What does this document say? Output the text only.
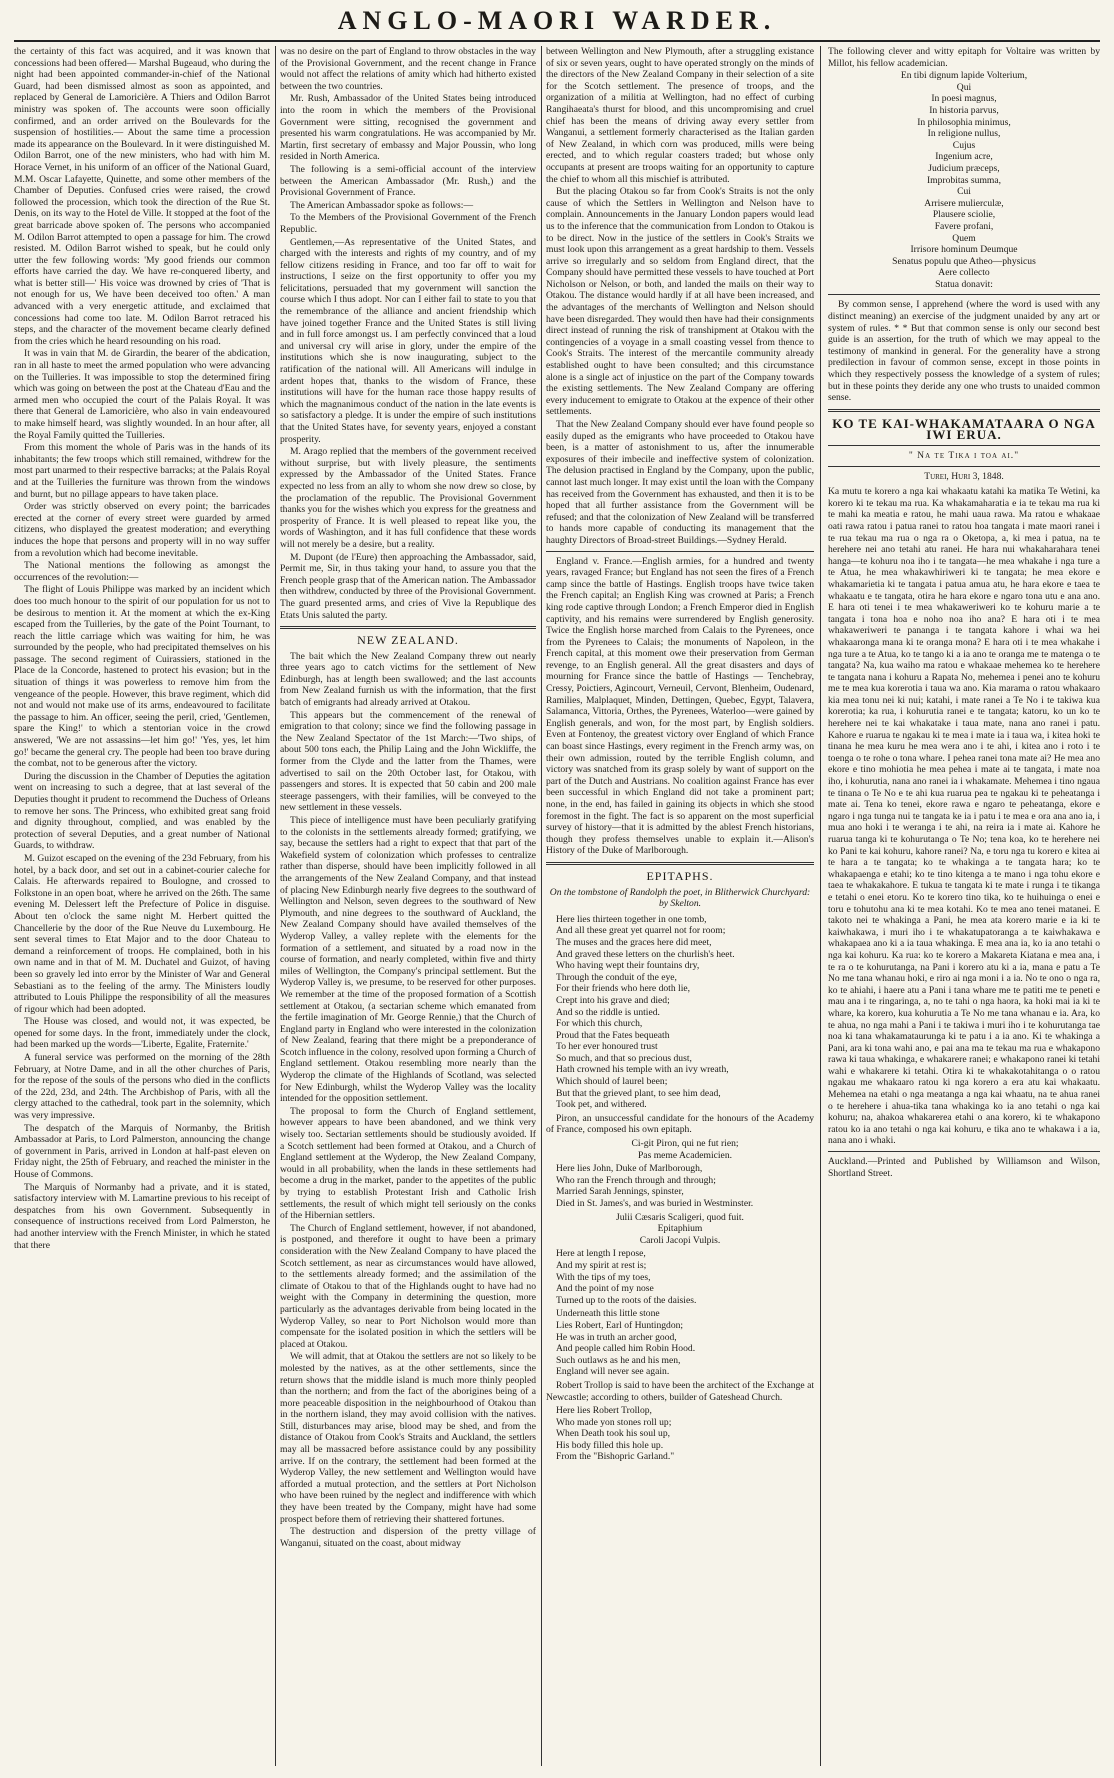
ANGLO-MAORI WARDER.

the certainty of this fact was acquired, and it was known that concessions had been offered— Marshal Bugeaud, who during the night had been appointed commander-in-chief of the National Guard, had been dismissed almost as soon as appointed, and replaced by General de Lamoricière. A Thiers and Odilon Barrot ministry was spoken of. The accounts were soon officially confirmed, and an order arrived on the Boulevards for the suspension of hostilities.— About the same time a procession made its appearance on the Boulevard. In it were distinguished M. Odilon Barrot, one of the new ministers, who had with him M. Horace Vernet, in his uniform of an officer of the National Guard, M.M. Oscar Lafayette, Quinette, and some other members of the Chamber of Deputies. Confused cries were raised, the crowd followed the procession, which took the direction of the Rue St. Denis, on its way to the Hotel de Ville. It stopped at the foot of the great barricade above spoken of. The persons who accompanied M. Odilon Barrot attempted to open a passage for him. The crowd resisted. M. Odilon Barrot wished to speak, but he could only utter the few following words: 'My good friends our common efforts have carried the day. We have re-conquered liberty, and what is better still—' His voice was drowned by cries of 'That is not enough for us, We have been deceived too often.' A man advanced with a very energetic attitude, and exclaimed that concessions had come too late. M. Odilon Barrot retraced his steps, and the character of the movement became clearly defined from the cries which he heard resounding on his road.

It was in vain that M. de Girardin, the bearer of the abdication, ran in all haste to meet the armed population who were advancing on the Tuilleries. It was impossible to stop the determined firing which was going on between the post at the Chateau d'Eau and the armed men who occupied the court of the Palais Royal. It was there that General de Lamoricière, who also in vain endeavoured to make himself heard, was slightly wounded. In an hour after, all the Royal Family quitted the Tuilleries.

From this moment the whole of Paris was in the hands of its inhabitants; the few troops which still remained, withdrew for the most part unarmed to their respective barracks; at the Palais Royal and at the Tuilleries the furniture was thrown from the windows and burnt, but no pillage appears to have taken place.

Order was strictly observed on every point; the barricades erected at the corner of every street were guarded by armed citizens, who displayed the greatest moderation; and everything induces the hope that persons and property will in no way suffer from a revolution which had become inevitable.

The National mentions the following as amongst the occurrences of the revolution:—

The flight of Louis Philippe was marked by an incident which does too much honour to the spirit of our population for us not to be desirous to mention it. At the moment at which the ex-King escaped from the Tuilleries, by the gate of the Point Tournant, to reach the little carriage which was waiting for him, he was surrounded by the people, who had precipitated themselves on his passage. The second regiment of Cuirassiers, stationed in the Place de la Concorde, hastened to protect his evasion; but in the situation of things it was powerless to remove him from the vengeance of the people. However, this brave regiment, which did not and would not make use of its arms, endeavoured to facilitate the passage to him. An officer, seeing the peril, cried, 'Gentlemen, spare the King!' to which a stentorian voice in the crowd answered, 'We are not assassins—let him go!' 'Yes, yes, let him go!' became the general cry. The people had been too brave during the combat, not to be generous after the victory.

During the discussion in the Chamber of Deputies the agitation went on increasing to such a degree, that at last several of the Deputies thought it prudent to recommend the Duchess of Orleans to remove her sons. The Princess, who exhibited great sang froid and dignity throughout, complied, and was enabled by the protection of several Deputies, and a great number of National Guards, to withdraw.

M. Guizot escaped on the evening of the 23d February, from his hotel, by a back door, and set out in a cabinet-courier caleche for Calais. He afterwards repaired to Boulogne, and crossed to Folkstone in an open boat, where he arrived on the 26th. The same evening M. Delessert left the Prefecture of Police in disguise. About ten o'clock the same night M. Herbert quitted the Chancellerie by the door of the Rue Neuve du Luxembourg. He sent several times to Etat Major and to the door Chateau to demand a reinforcement of troops. He complained, both in his own name and in that of M. M. Duchatel and Guizot, of having been so gravely led into error by the Minister of War and General Sebastiani as to the feeling of the army. The Ministers loudly attributed to Louis Philippe the responsibility of all the measures of rigour which had been adopted.

The House was closed, and would not, it was expected, be opened for some days. In the front, immediately under the clock, had been marked up the words—'Liberte, Egalite, Fraternite.'

A funeral service was performed on the morning of the 28th February, at Notre Dame, and in all the other churches of Paris, for the repose of the souls of the persons who died in the conflicts of the 22d, 23d, and 24th. The Archbishop of Paris, with all the clergy attached to the cathedral, took part in the solemnity, which was very impressive.

The despatch of the Marquis of Normanby, the British Ambassador at Paris, to Lord Palmerston, announcing the change of government in Paris, arrived in London at half-past eleven on Friday night, the 25th of February, and reached the minister in the House of Commons.

The Marquis of Normanby had a private, and it is stated, satisfactory interview with M. Lamartine previous to his receipt of despatches from his own Government. Subsequently in consequence of instructions received from Lord Palmerston, he had another interview with the French Minister, in which he stated that there

was no desire on the part of England to throw obstacles in the way of the Provisional Government, and the recent change in France would not affect the relations of amity which had hitherto existed between the two countries.

Mr. Rush, Ambassador of the United States being introduced into the room in which the members of the Provisional Government were sitting, recognised the government and presented his warm congratulations. He was accompanied by Mr. Martin, first secretary of embassy and Major Poussin, who long resided in North America.

The following is a semi-official account of the interview between the American Ambassador (Mr. Rush,) and the Provisional Government of France.

The American Ambassador spoke as follows:—

To the Members of the Provisional Government of the French Republic.

Gentlemen,—As representative of the United States, and charged with the interests and rights of my country, and of my fellow citizens residing in France, and too far off to wait for instructions, I seize on the first opportunity to offer you my felicitations, persuaded that my government will sanction the course which I thus adopt. Nor can I either fail to state to you that the remembrance of the alliance and ancient friendship which have joined together France and the United States is still living and in full force amongst us. I am perfectly convinced that a loud and universal cry will arise in glory, under the empire of the institutions which she is now inaugurating, subject to the ratification of the national will. All Americans will indulge in ardent hopes that, thanks to the wisdom of France, these institutions will have for the human race those happy results of which the magnanimous conduct of the nation in the late events is so satisfactory a pledge. It is under the empire of such institutions that the United States have, for seventy years, enjoyed a constant prosperity.

M. Arago replied that the members of the government received without surprise, but with lively pleasure, the sentiments expressed by the Ambassador of the United States. France expected no less from an ally to whom she now drew so close, by the proclamation of the republic. The Provisional Government thanks you for the wishes which you express for the greatness and prosperity of France. It is well pleased to repeat like you, the words of Washington, and it has full confidence that these words will not merely be a desire, but a reality.

M. Dupont (de l'Eure) then approaching the Ambassador, said, Permit me, Sir, in thus taking your hand, to assure you that the French people grasp that of the American nation. The Ambassador then withdrew, conducted by three of the Provisional Government. The guard presented arms, and cries of Vive la Republique des Etats Unis saluted the party.

NEW ZEALAND.

The bait which the New Zealand Company threw out nearly three years ago to catch victims for the settlement of New Edinburgh, has at length been swallowed; and the last accounts from New Zealand furnish us with the information, that the first batch of emigrants had already arrived at Otakou.

This appears but the commencement of the renewal of emigration to that colony; since we find the following passage in the New Zealand Spectator of the 1st March:—'Two ships, of about 500 tons each, the Philip Laing and the John Wickliffe, the former from the Clyde and the latter from the Thames, were advertised to sail on the 20th October last, for Otakou, with passengers and stores. It is expected that 50 cabin and 200 male steerage passengers, with their families, will be conveyed to the new settlement in these vessels.

This piece of intelligence must have been peculiarly gratifying to the colonists in the settlements already formed; gratifying, we say, because the settlers had a right to expect that that part of the Wakefield system of colonization which professes to centralize rather than disperse, should have been implicitly followed in all the arrangements of the New Zealand Company, and that instead of placing New Edinburgh nearly five degrees to the southward of Wellington and Nelson, seven degrees to the southward of New Plymouth, and nine degrees to the southward of Auckland, the New Zealand Company should have availed themselves of the Wyderop Valley, a valley replete with the elements for the formation of a settlement, and situated by a road now in the course of formation, and nearly completed, within five and thirty miles of Wellington, the Company's principal settlement. But the Wyderop Valley is, we presume, to be reserved for other purposes. We remember at the time of the proposed formation of a Scottish settlement at Otakou, (a sectarian scheme which emanated from the fertile imagination of Mr. George Rennie,) that the Church of England party in England who were interested in the colonization of New Zealand, fearing that there might be a preponderance of Scotch influence in the colony, resolved upon forming a Church of England settlement. Otakou resembling more nearly than the Wyderop the climate of the Highlands of Scotland, was selected for New Edinburgh, whilst the Wyderop Valley was the locality intended for the opposition settlement.

The proposal to form the Church of England settlement, however appears to have been abandoned, and we think very wisely too. Sectarian settlements should be studiously avoided. If a Scotch settlement had been formed at Otakou, and a Church of England settlement at the Wyderop, the New Zealand Company, would in all probability, when the lands in these settlements had become a drug in the market, pander to the appetites of the public by trying to establish Protestant Irish and Catholic Irish settlements, the result of which might tell seriously on the conks of the Hibernian settlers.

The Church of England settlement, however, if not abandoned, is postponed, and therefore it ought to have been a primary consideration with the New Zealand Company to have placed the Scotch settlement, as near as circumstances would have allowed, to the settlements already formed; and the assimilation of the climate of Otakou to that of the Highlands ought to have had no weight with the Company in determining the question, more particularly as the advantages derivable from being located in the Wyderop Valley, so near to Port Nicholson would more than compensate for the isolated position in which the settlers will be placed at Otakou.

We will admit, that at Otakou the settlers are not so likely to be molested by the natives, as at the other settlements, since the return shows that the middle island is much more thinly peopled than the northern; and from the fact of the aborigines being of a more peaceable disposition in the neighbourhood of Otakou than in the northern island, they may avoid collision with the natives. Still, disturbances may arise, blood may be shed, and from the distance of Otakou from Cook's Straits and Auckland, the settlers may all be massacred before assistance could by any possibility arrive. If on the contrary, the settlement had been formed at the Wyderop Valley, the new settlement and Wellington would have afforded a mutual protection, and the settlers at Port Nicholson who have been ruined by the neglect and indifference with which they have been treated by the Company, might have had some prospect before them of retrieving their shattered fortunes.

The destruction and dispersion of the pretty village of Wanganui, situated on the coast, about midway

between Wellington and New Plymouth, after a struggling existance of six or seven years, ought to have operated strongly on the minds of the directors of the New Zealand Company in their selection of a site for the Scotch settlement. The presence of troops, and the organization of a militia at Wellington, had no effect of curbing Rangihaeata's thurst for blood, and this uncompromising and cruel chief has been the means of driving away every settler from Wanganui, a settlement formerly characterised as the Italian garden of New Zealand, in which corn was produced, mills were being erected, and to which regular coasters traded; but whose only occupants at present are troops waiting for an opportunity to capture the chief to whom all this mischief is attributed.

But the placing Otakou so far from Cook's Straits is not the only cause of which the Settlers in Wellington and Nelson have to complain. Announcements in the January London papers would lead us to the inference that the communication from London to Otakou is to be direct. Now in the justice of the settlers in Cook's Straits we must look upon this arrangement as a great hardship to them. Vessels arrive so irregularly and so seldom from England direct, that the Company should have permitted these vessels to have touched at Port Nicholson or Nelson, or both, and landed the mails on their way to Otakou. The distance would hardly if at all have been increased, and the advantages of the merchants of Wellington and Nelson should have been disregarded. They would then have had their consignments direct instead of running the risk of transhipment at Otakou with the contingencies of a voyage in a small coasting vessel from thence to Cook's Straits. The interest of the mercantile community already established ought to have been consulted; and this circumstance alone is a single act of injustice on the part of the Company towards the existing settlements. The New Zealand Company are offering every inducement to emigrate to Otakou at the expence of their other settlements.

That the New Zealand Company should ever have found people so easily duped as the emigrants who have proceeded to Otakou have been, is a matter of astonishment to us, after the innumerable exposures of their imbecile and ineffective system of colonization. The delusion practised in England by the Company, upon the public, cannot last much longer. It may exist until the loan with the Company has received from the Government has exhausted, and then it is to be hoped that all further assistance from the Government will be refused; and that the colonization of New Zealand will be transferred to hands more capable of conducting its management that the haughty Directors of Broad-street Buildings.—Sydney Herald.

England v. France.—English armies, for a hundred and twenty years, ravaged France; but England has not seen the fires of a French camp since the battle of Hastings. English troops have twice taken the French capital; an English King was crowned at Paris; a French king rode captive through London; a French Emperor died in English captivity, and his remains were surrendered by English generosity. Twice the English horse marched from Calais to the Pyrenees, once from the Pyrenees to Calais; the monuments of Napoleon, in the French capital, at this moment owe their preservation from German revenge, to an English general. All the great disasters and days of mourning for France since the battle of Hastings — Tenchebray, Cressy, Poictiers, Agincourt, Verneuil, Cervont, Blenheim, Oudenard, Ramilies, Malplaquet, Minden, Dettingen, Quebec, Egypt, Talavera, Salamanca, Vittoria, Orthes, the Pyrenees, Waterloo—were gained by English generals, and won, for the most part, by English soldiers. Even at Fontenoy, the greatest victory over England of which France can boast since Hastings, every regiment in the French army was, on their own admission, routed by the terrible English column, and victory was snatched from its grasp solely by want of support on the part of the Dutch and Austrians. No coalition against France has ever been successful in which England did not take a prominent part; none, in the end, has failed in gaining its objects in which she stood foremost in the fight. The fact is so apparent on the most superficial survey of history—that it is admitted by the ablest French historians, though they profess themselves unable to explain it.—Alison's History of the Duke of Marlborough.

EPITAPHS.
On the tombstone of Randolph the poet, in Blitherwick Churchyard: by Skelton.
Here lies thirteen together in one tomb,
And all these great yet quarrel not for room;
The muses and the graces here did meet,
And graved these letters on the churlish's heet.
Who having wept their fountains dry,
Through the conduit of the eye,
For their friends who here doth lie,
Crept into his grave and died;
And so the riddle is untied.
For which this church,
Proud that the Fates bequeath
To her ever honoured trust
So much, and that so precious dust,
Hath crowned his temple with an ivy wreath,
Which should of laurel been;
But that the grieved plant, to see him dead,
Took pet, and withered.

Piron, an unsuccessful candidate for the honours of the Academy of France, composed his own epitaph.

Ci-git Piron, qui ne fut rien;
Pas meme Academicien.
Here lies John, Duke of Marlborough,
Who ran the French through and through;
Married Sarah Jennings, spinster,
Died in St. James's, and was buried in Westminster.
Julii Cæsaris Scaligeri, quod fuit.
Epitaphium
Caroli Jacopi Vulpis.
Here at length I repose,
And my spirit at rest is;
With the tips of my toes,
And the point of my nose
Turned up to the roots of the daisies.
Underneath this little stone
Lies Robert, Earl of Huntingdon;
He was in truth an archer good,
And people called him Robin Hood.
Such outlaws as he and his men,
England will never see again.

Robert Trollop is said to have been the architect of the Exchange at Newcastle; according to others, builder of Gateshead Church.

Here lies Robert Trollop,
Who made yon stones roll up;
When Death took his soul up,
His body filled this hole up.
From the "Bishopric Garland."

The following clever and witty epitaph for Voltaire was written by Millot, his fellow academician.

En tibi dignum lapide Volterium,
Qui
In poesi magnus,
In historia parvus,
In philosophia minimus,
In religione nullus,
Cujus
Ingenium acre,
Judicium præceps,
Improbitas summa,
Cui
Arrisere mulierculæ,
Plausere sciolie,
Favere profani,
Quem
Irrisore hominum Deumque
Senatus populu que Atheo—physicus
Aere collecto
Statua donavit:

By common sense, I apprehend (where the word is used with any distinct meaning) an exercise of the judgment unaided by any art or system of rules. * * But that common sense is only our second best guide is an assertion, for the truth of which we may appeal to the testimony of mankind in general. For the generality have a strong predilection in favour of common sense, except in those points in which they respectively possess the knowledge of a system of rules; but in these points they deride any one who trusts to unaided common sense.

KO TE KAI-WHAKAMATAARA O NGA IWI ERUA.
" Na te Tika i toa ai."
Turei, Huri 3, 1848.

Ka mutu te korero a nga kai whakaatu katahi ka matika Te Wetini, ka korero ki te tekau ma rua. Ka whakamaharatia e ia te tekau ma rua ki te mahi ka meatia e ratou, he mahi uaua rawa. Ma ratou e whakaae oati rawa ratou i patua ranei to ratou hoa tangata i mate maori ranei i te rua tekau ma rua o nga ra o Oketopa, a, ki mea i patua, na te herehere nei ano tetahi atu ranei. He hara nui whakaharahara tenei hanga—te kohuru noa iho i te tangata—he mea whakahe i nga ture a te Atua, he mea whakawhiriweri ki te tangata; he mea ekore e whakamarietia ki te tangata i patua amua atu, he hara ekore e taea te whakaatu e te tangata, otira he hara ekore e ngaro tona utu e ana ano. E hara oti tenei i te mea whakaweriweri ko te kohuru marie a te tangata i tona hoa e noho noa iho ana? E hara oti i te mea whakaweriweri te pananga i te tangata kahore i whai wa hei whakaaronga mana ki te oranga mona? E hara oti i te mea whakahe i nga ture a te Atua, ko te tango ki a ia ano te oranga me te matenga o te tangata? Na, kua waiho ma ratou e whakaae mehemea ko te herehere te tangata nana i kohuru a Rapata No, mehemea i penei ano te kohuru me te mea kua korerotia i taua wa ano. Kia marama o ratou whakaaro kia mea tonu nei ki nui; katahi, i mate ranei a Te No i te takiwa kua korerotia; ka rua, i kohurutia ranei e te tangata; katoru, ko un ko te herehere nei te kai whakatake i taua mate, nana ano ranei i patu. Kahore e ruarua te ngakau ki te mea i mate ia i taua wa, i kitea hoki te tinana he mea kuru he mea wera ano i te ahi, i kitea ano i roto i te toenga o te rohe o tona whare. I pehea ranei tona mate ai? He mea ano ekore e tino mohiotia he mea pehea i mate ai te tangata, i mate noa iho, i kohurutia, nana ano ranei ia i whakamate. Mehemea i tino ngaua te tinana o Te No e te ahi kua ruarua pea te ngakau ki te peheatanga i mate ai. Tena ko tenei, ekore rawa e ngaro te peheatanga, ekore e ngaro i nga tunga nui te tangata ke ia i patu i te mea e ora ana ano ia, i mua ano hoki i te weranga i te ahi, na reira ia i mate ai. Kahore he ruarua tanga ki te kohurutanga o Te No; tena koa, ko te herehere nei ko Pani te kai kohuru, kahore ranei? Na, e toru nga tu korero e kitea ai te hara a te tangata; ko te whakinga a te tangata hara; ko te whakapaenga e etahi; ko te tino kitenga a te mano i nga tohu ekore e taea te whakakahore. E tukua te tangata ki te mate i runga i te tikanga e tetahi o enei etoru. Ko te korero tino tika, ko te huihuinga o enei e toru e tohutohu ana ki te mea kotahi. Ko te mea ano tenei matanei. E takoto nei te whakinga a Pani, he mea ata korero marie e ia ki te kaiwhakawa, i muri iho i te whakatupatoranga a te kaiwhakawa e whakapaea ano ki a ia taua whakinga. E mea ana ia, ko ia ano tetahi o nga kai kohuru. Ka rua: ko te korero a Makareta Kiatana e mea ana, i te ra o te kohurutanga, na Pani i korero atu ki a ia, mana e patu a Te No me tana whanau hoki, e riro ai nga moni i a ia. No te ono o nga ra, ko te ahiahi, i haere atu a Pani i tana whare me te patiti me te peneti e mau ana i te ringaringa, a, no te tahi o nga haora, ka hoki mai ia ki te whare, ka korero, kua kohurutia a Te No me tana whanau e ia. Ara, ko te ahua, no nga mahi a Pani i te takiwa i muri iho i te kohurutanga tae noa ki tana whakamataurunga ki te patu i a ia ano. Ki te whakinga a Pani, ara ki tona wahi ano, e pai ana ma te tekau ma rua e whakapono rawa ki taua whakinga, e whakarere ranei; e whakapono ranei ki tetahi wahi e whakarere ki tetahi. Otira ki te whakakotahitanga o o ratou ngakau me whakaaro ratou ki nga korero a era atu kai whakaatu. Mehemea na etahi o nga meatanga a nga kai whaatu, na te ahua ranei o te herehere i ahua-tika tana whakinga ko ia ano tetahi o nga kai kohuru; na, ahakoa whakarerea etahi o ana korero, ki te whakapono ratou ko ia ano tetahi o nga kai kohuru, e tika ano te whakawa i a ia, nana ano i whaki.

Auckland.—Printed and Published by Williamson and Wilson, Shortland Street.
